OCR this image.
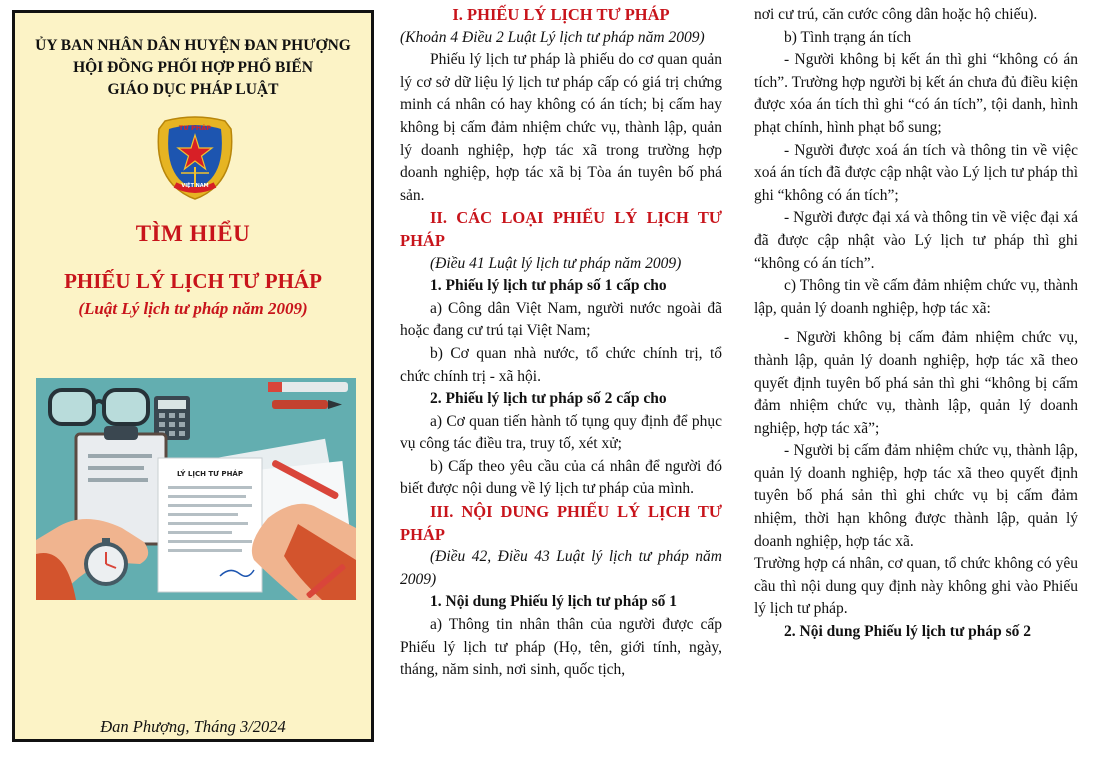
ỦY BAN NHÂN DÂN HUYỆN ĐAN PHƯỢNG
HỘI ĐỒNG PHỐI HỢP PHỔ BIẾN
GIÁO DỤC PHÁP LUẬT
TƯ PHÁP
VIỆT NAM
TÌM HIỂU
PHIẾU LÝ LỊCH TƯ PHÁP
(Luật Lý lịch tư pháp năm 2009)
LÝ LỊCH TƯ PHÁP
Đan Phượng, Tháng 3/2024

I. PHIẾU LÝ LỊCH TƯ PHÁP

(Khoản 4 Điều 2 Luật Lý lịch tư pháp năm 2009)

Phiếu lý lịch tư pháp là phiếu do cơ quan quản lý cơ sở dữ liệu lý lịch tư pháp cấp có giá trị chứng minh cá nhân có hay không có án tích; bị cấm hay không bị cấm đảm nhiệm chức vụ, thành lập, quản lý doanh nghiệp, hợp tác xã trong trường hợp doanh nghiệp, hợp tác xã bị Tòa án tuyên bố phá sản.

II. CÁC LOẠI PHIẾU LÝ LỊCH TƯ PHÁP

(Điều 41 Luật lý lịch tư pháp năm 2009)

1. Phiếu lý lịch tư pháp số 1 cấp cho

a) Công dân Việt Nam, người nước ngoài đã hoặc đang cư trú tại Việt Nam;

b) Cơ quan nhà nước, tổ chức chính trị, tổ chức chính trị - xã hội.

2. Phiếu lý lịch tư pháp số 2 cấp cho

a) Cơ quan tiến hành tố tụng quy định để phục vụ công tác điều tra, truy tố, xét xử;

b) Cấp theo yêu cầu của cá nhân để người đó biết được nội dung về lý lịch tư pháp của mình.

III. NỘI DUNG PHIẾU LÝ LỊCH TƯ PHÁP

(Điều 42, Điều 43 Luật lý lịch tư pháp năm 2009)

1. Nội dung Phiếu lý lịch tư pháp số 1

a) Thông tin nhân thân của người được cấp Phiếu lý lịch tư pháp (Họ, tên, giới tính, ngày, tháng, năm sinh, nơi sinh, quốc tịch,

nơi cư trú, căn cước công dân hoặc hộ chiếu).

b) Tình trạng án tích

- Người không bị kết án thì ghi “không có án tích”. Trường hợp người bị kết án chưa đủ điều kiện được xóa án tích thì ghi “có án tích”, tội danh, hình phạt chính, hình phạt bổ sung;

- Người được xoá án tích và thông tin về việc xoá án tích đã được cập nhật vào Lý lịch tư pháp thì ghi “không có án tích”;

- Người được đại xá và thông tin về việc đại xá đã được cập nhật vào Lý lịch tư pháp thì ghi “không có án tích”.

c) Thông tin về cấm đảm nhiệm chức vụ, thành lập, quản lý doanh nghiệp, hợp tác xã:

- Người không bị cấm đảm nhiệm chức vụ, thành lập, quản lý doanh nghiệp, hợp tác xã theo quyết định tuyên bố phá sản thì ghi “không bị cấm đảm nhiệm chức vụ, thành lập, quản lý doanh nghiệp, hợp tác xã”;

- Người bị cấm đảm nhiệm chức vụ, thành lập, quản lý doanh nghiệp, hợp tác xã theo quyết định tuyên bố phá sản thì ghi chức vụ bị cấm đảm nhiệm, thời hạn không được thành lập, quản lý doanh nghiệp, hợp tác xã.

Trường hợp cá nhân, cơ quan, tổ chức không có yêu cầu thì nội dung quy định này không ghi vào Phiếu lý lịch tư pháp.

2. Nội dung Phiếu lý lịch tư pháp số 2
